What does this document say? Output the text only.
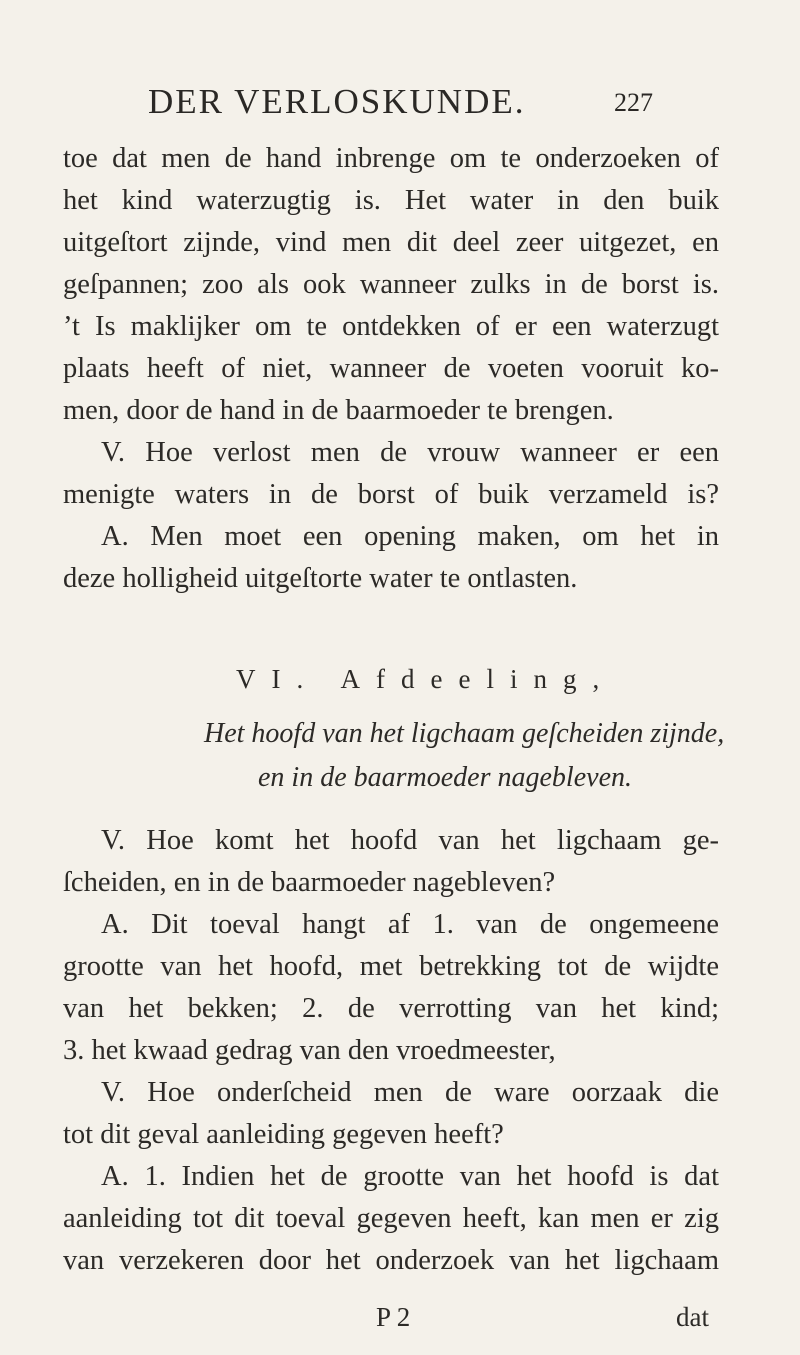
DER VERLOSKUNDE.	227
toe dat men de hand inbrenge om te onderzoeken of
het kind waterzugtig is. Het water in den buik
uitgeſtort zijnde, vind men dit deel zeer uitgezet, en
geſpannen; zoo als ook wanneer zulks in de borst is.
’t Is maklijker om te ontdekken of er een waterzugt
plaats heeft of niet, wanneer de voeten vooruit ko-
men, door de hand in de baarmoeder te brengen.
V. Hoe verlost men de vrouw wanneer er een
menigte waters in de borst of buik verzameld is?
A. Men moet een opening maken, om het in
deze holligheid uitgeſtorte water te ontlasten.
VI. Afdeeling,
Het hoofd van het ligchaam geſcheiden zijnde,
en in de baarmoeder nagebleven.
V. Hoe komt het hoofd van het ligchaam ge-
ſcheiden, en in de baarmoeder nagebleven?
A. Dit toeval hangt af 1. van de ongemeene
grootte van het hoofd, met betrekking tot de wijdte
van het bekken; 2. de verrotting van het kind;
3. het kwaad gedrag van den vroedmeester,
V. Hoe onderſcheid men de ware oorzaak die
tot dit geval aanleiding gegeven heeft?
A. 1. Indien het de grootte van het hoofd is dat
aanleiding tot dit toeval gegeven heeft, kan men er zig
van verzekeren door het onderzoek van het ligchaam
P 2	dat
